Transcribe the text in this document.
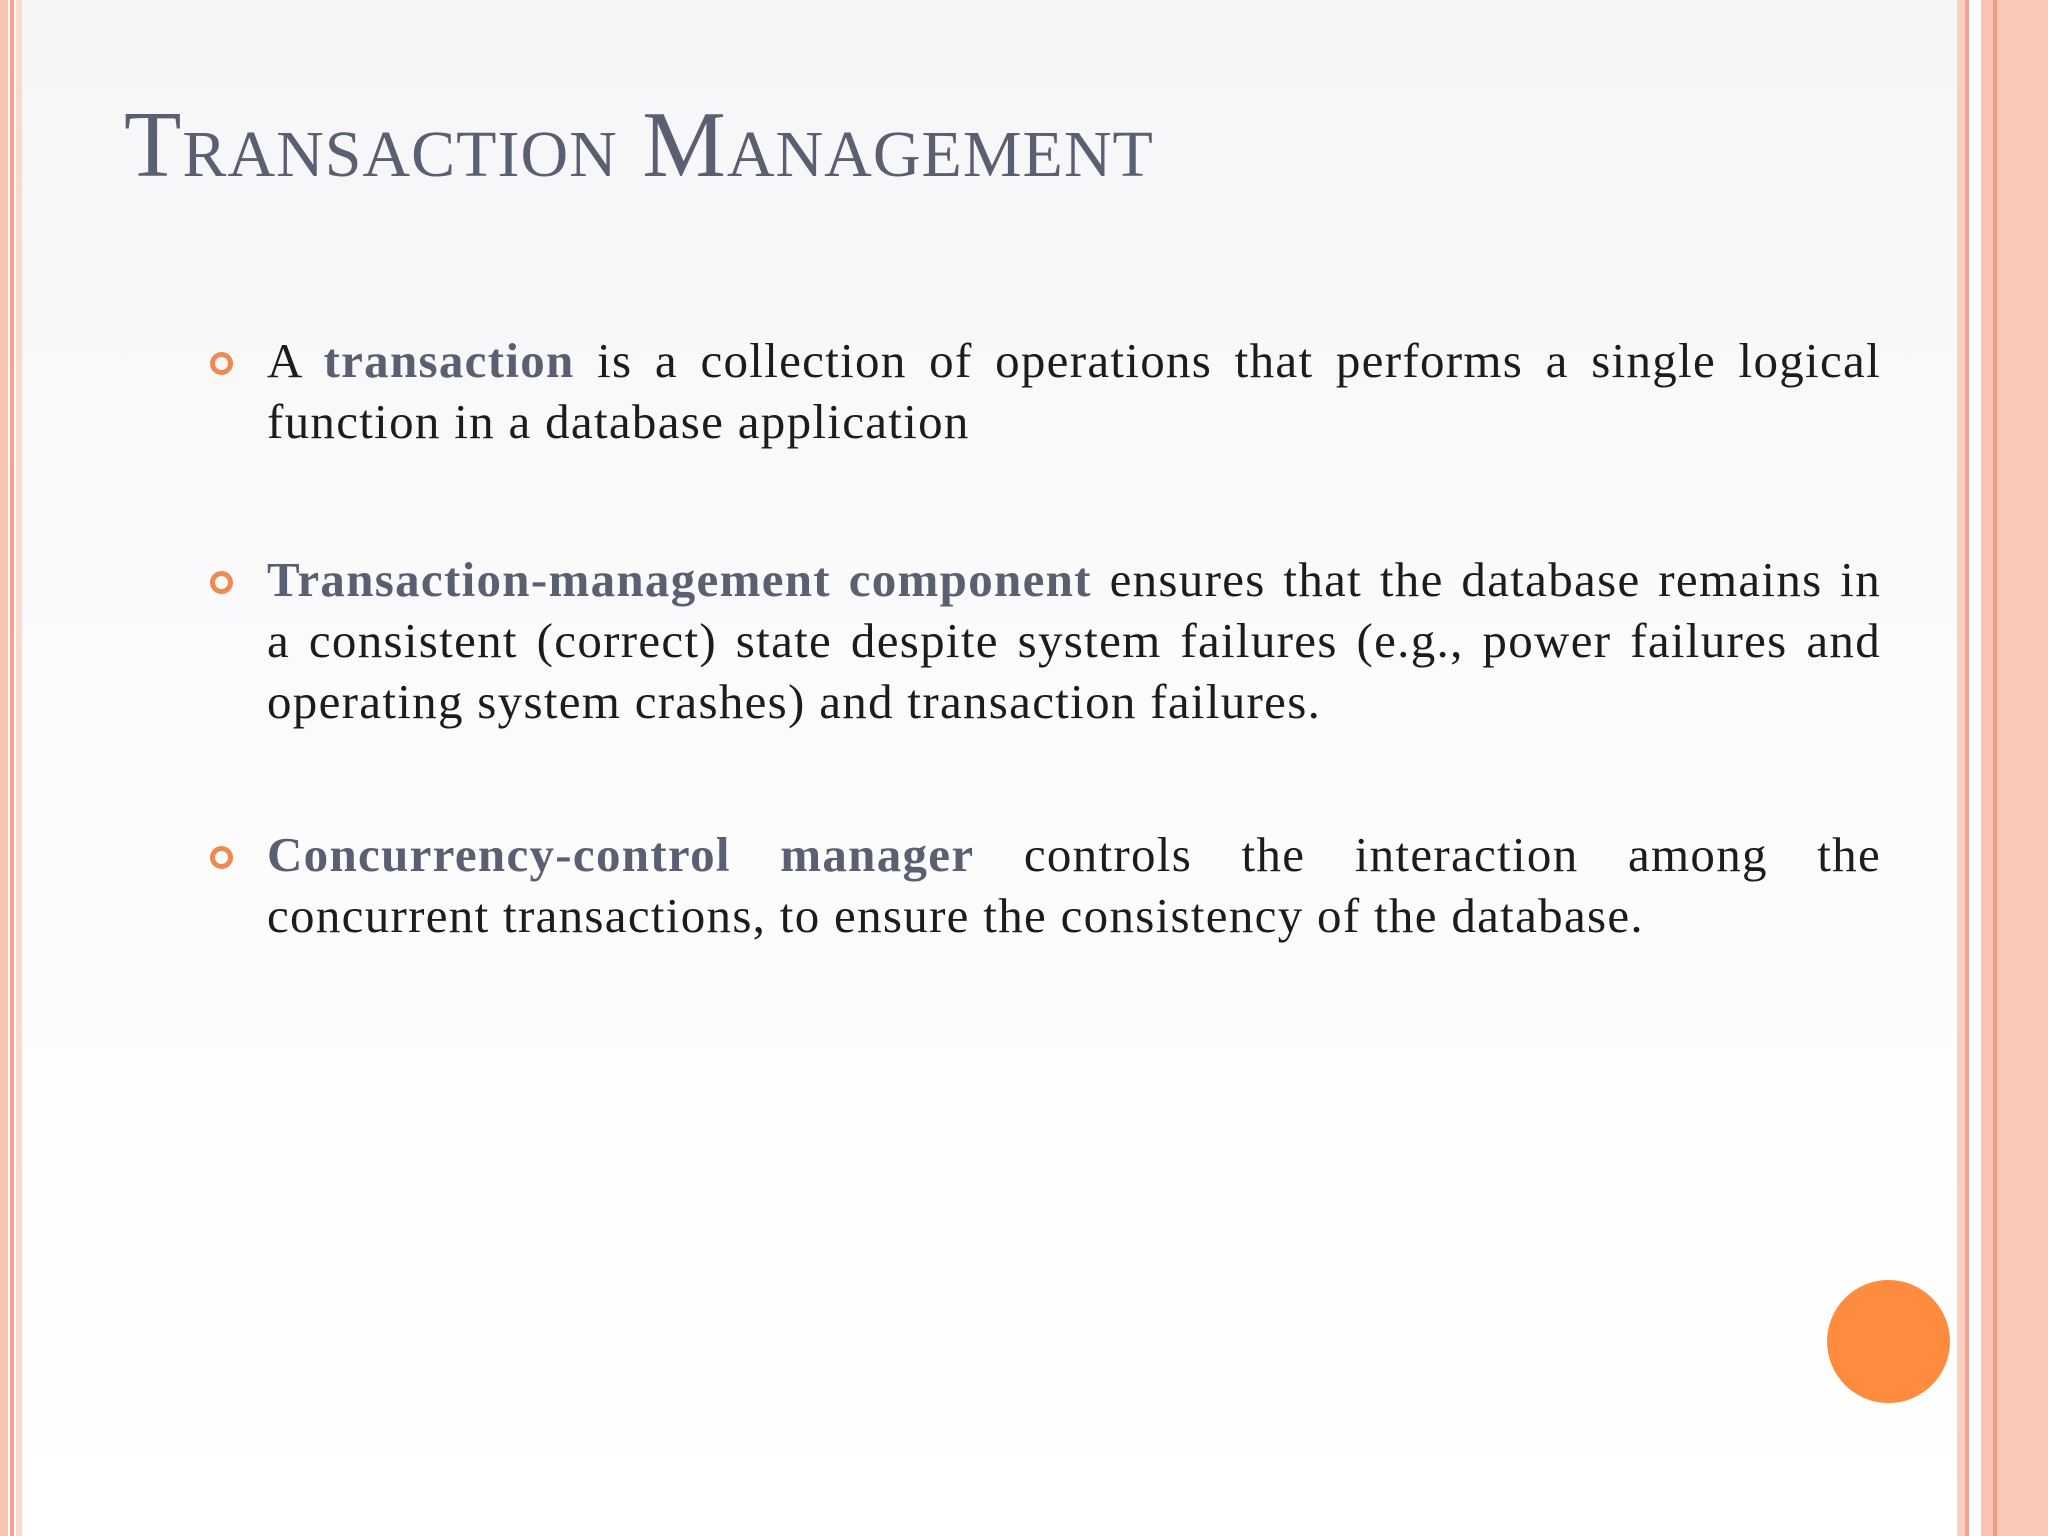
Transaction Management
A transaction is a collection of operations that performs a single logical function in a database application
Transaction-management component ensures that the database remains in a consistent (correct) state despite system failures (e.g., power failures and operating system crashes) and transaction failures.
Concurrency-control manager controls the interaction among the concurrent transactions, to ensure the consistency of the database.
